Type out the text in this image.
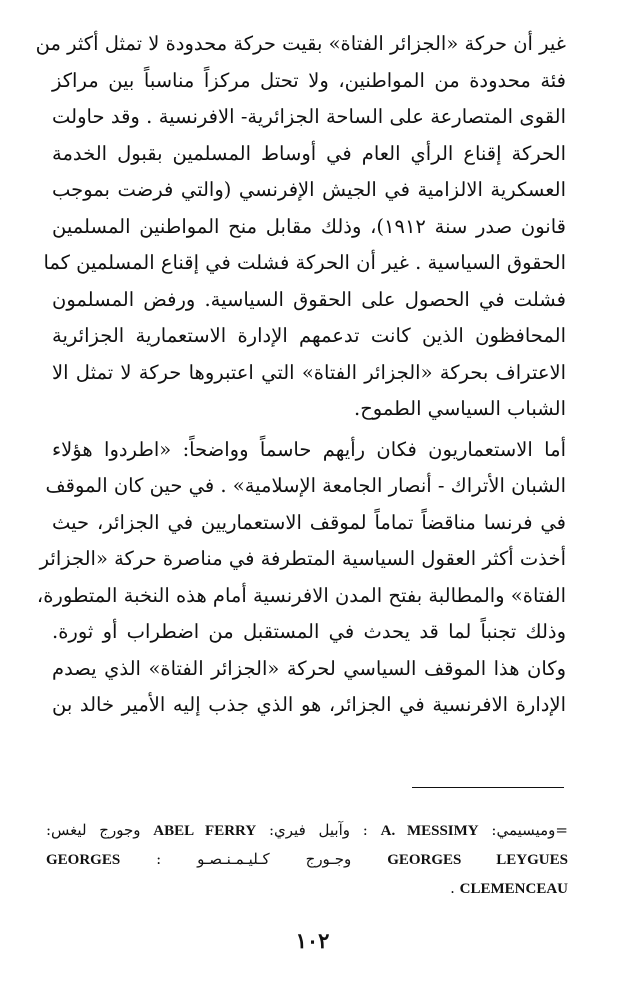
غير أن حركة «الجزائر الفتاة» بقيت حركة محدودة لا تمثل أكثر من
فئة محدودة من المواطنين، ولا تحتل مركزاً مناسباً بين مراكز
القوى المتصارعة على الساحة الجزائرية- الافرنسية . وقد حاولت
الحركة إقناع الرأي العام في أوساط المسلمين بقبول الخدمة
العسكرية الالزامية في الجيش الإفرنسي (والتي فرضت بموجب
قانون صدر سنة ١٩١٢)، وذلك مقابل منح المواطنين المسلمين
الحقوق السياسية . غير أن الحركة فشلت في إقناع المسلمين كما
فشلت في الحصول على الحقوق السياسية. ورفض المسلمون
المحافظون الذين كانت تدعمهم الإدارة الاستعمارية الجزائرية
الاعتراف بحركة «الجزائر الفتاة» التي اعتبروها حركة لا تمثل الا
الشباب السياسي الطموح.
أما الاستعماريون فكان رأيهم حاسماً وواضحاً: «اطردوا هؤلاء
الشبان الأتراك - أنصار الجامعة الإسلامية» . في حين كان الموقف
في فرنسا مناقضاً تماماً لموقف الاستعماريين في الجزائر، حيث
أخذت أكثر العقول السياسية المتطرفة في مناصرة حركة «الجزائر
الفتاة» والمطالبة بفتح المدن الافرنسية أمام هذه النخبة المتطورة،
وذلك تجنباً لما قد يحدث في المستقبل من اضطراب أو ثورة.
وكان هذا الموقف السياسي لحركة «الجزائر الفتاة» الذي يصدم
الإدارة الافرنسية في الجزائر، هو الذي جذب إليه الأمير خالد بن
=وميسيمي: A. MESSIMY : وآبيل فيري: ABEL FERRY وجورج ليغس:
GEORGES LEYGUES وجـورج كـليـمـنـصـو : GEORGES
CLEMENCEAU .
١٠٢
